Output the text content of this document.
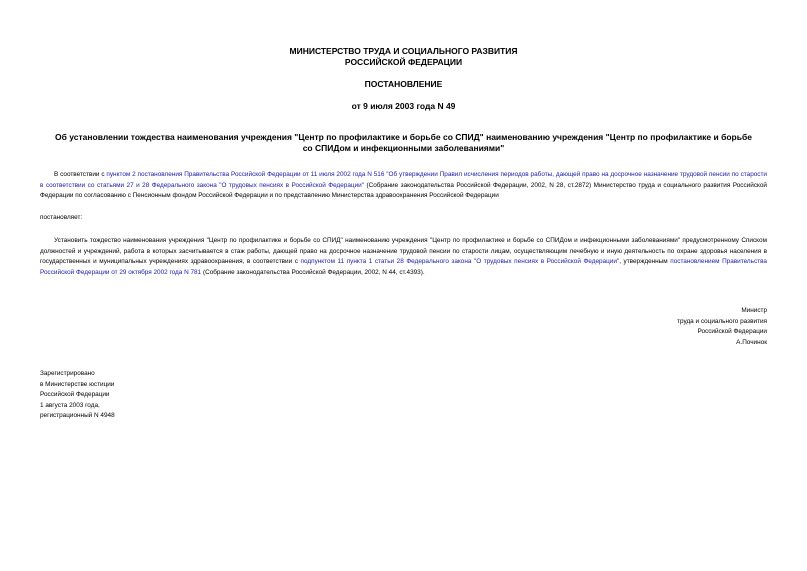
МИНИСТЕРСТВО ТРУДА И СОЦИАЛЬНОГО РАЗВИТИЯ
РОССИЙСКОЙ ФЕДЕРАЦИИ
ПОСТАНОВЛЕНИЕ
от 9 июля 2003 года N 49
Об установлении тождества наименования учреждения "Центр по профилактике и борьбе со СПИД" наименованию учреждения "Центр по профилактике и борьбе
со СПИДом и инфекционными заболеваниями"
В соответствии с пунктом 2 постановления Правительства Российской Федерации от 11 июля 2002 года N 516 "Об утверждении Правил исчисления периодов работы, дающей право на досрочное назначение трудовой пенсии по старости в соответствии со статьями 27 и 28 Федерального закона "О трудовых пенсиях в Российской Федерации" (Собрание законодательства Российской Федерации, 2002, N 28, ст.2872) Министерство труда и социального развития Российской Федерации по согласованию с Пенсионным фондом Российской Федерации и по представлению Министерства здравоохранения Российской Федерации
постановляет:
Установить тождество наименования учреждения "Центр по профилактике и борьбе со СПИД" наименованию учреждения "Центр по профилактике и борьбе со СПИДом и инфекционными заболеваниями" предусмотренному Списком должностей и учреждений, работа в которых засчитывается в стаж работы, дающей право на досрочное назначение трудовой пенсии по старости лицам, осуществляющим лечебную и иную деятельность по охране здоровья населения в государственных и муниципальных учреждениях здравоохранения, в соответствии с подпунктом 11 пункта 1 статьи 28 Федерального закона "О трудовых пенсиях в Российской Федерации", утвержденным постановлением Правительства Российской Федерации от 29 октября 2002 года N 781 (Собрание законодательства Российской Федерации, 2002, N 44, ст.4393).
Министр
труда и социального развития
Российской Федерации
А.Починок
Зарегистрировано
в Министерстве юстиции
Российской Федерации
1 августа 2003 года,
регистрационный N 4948
